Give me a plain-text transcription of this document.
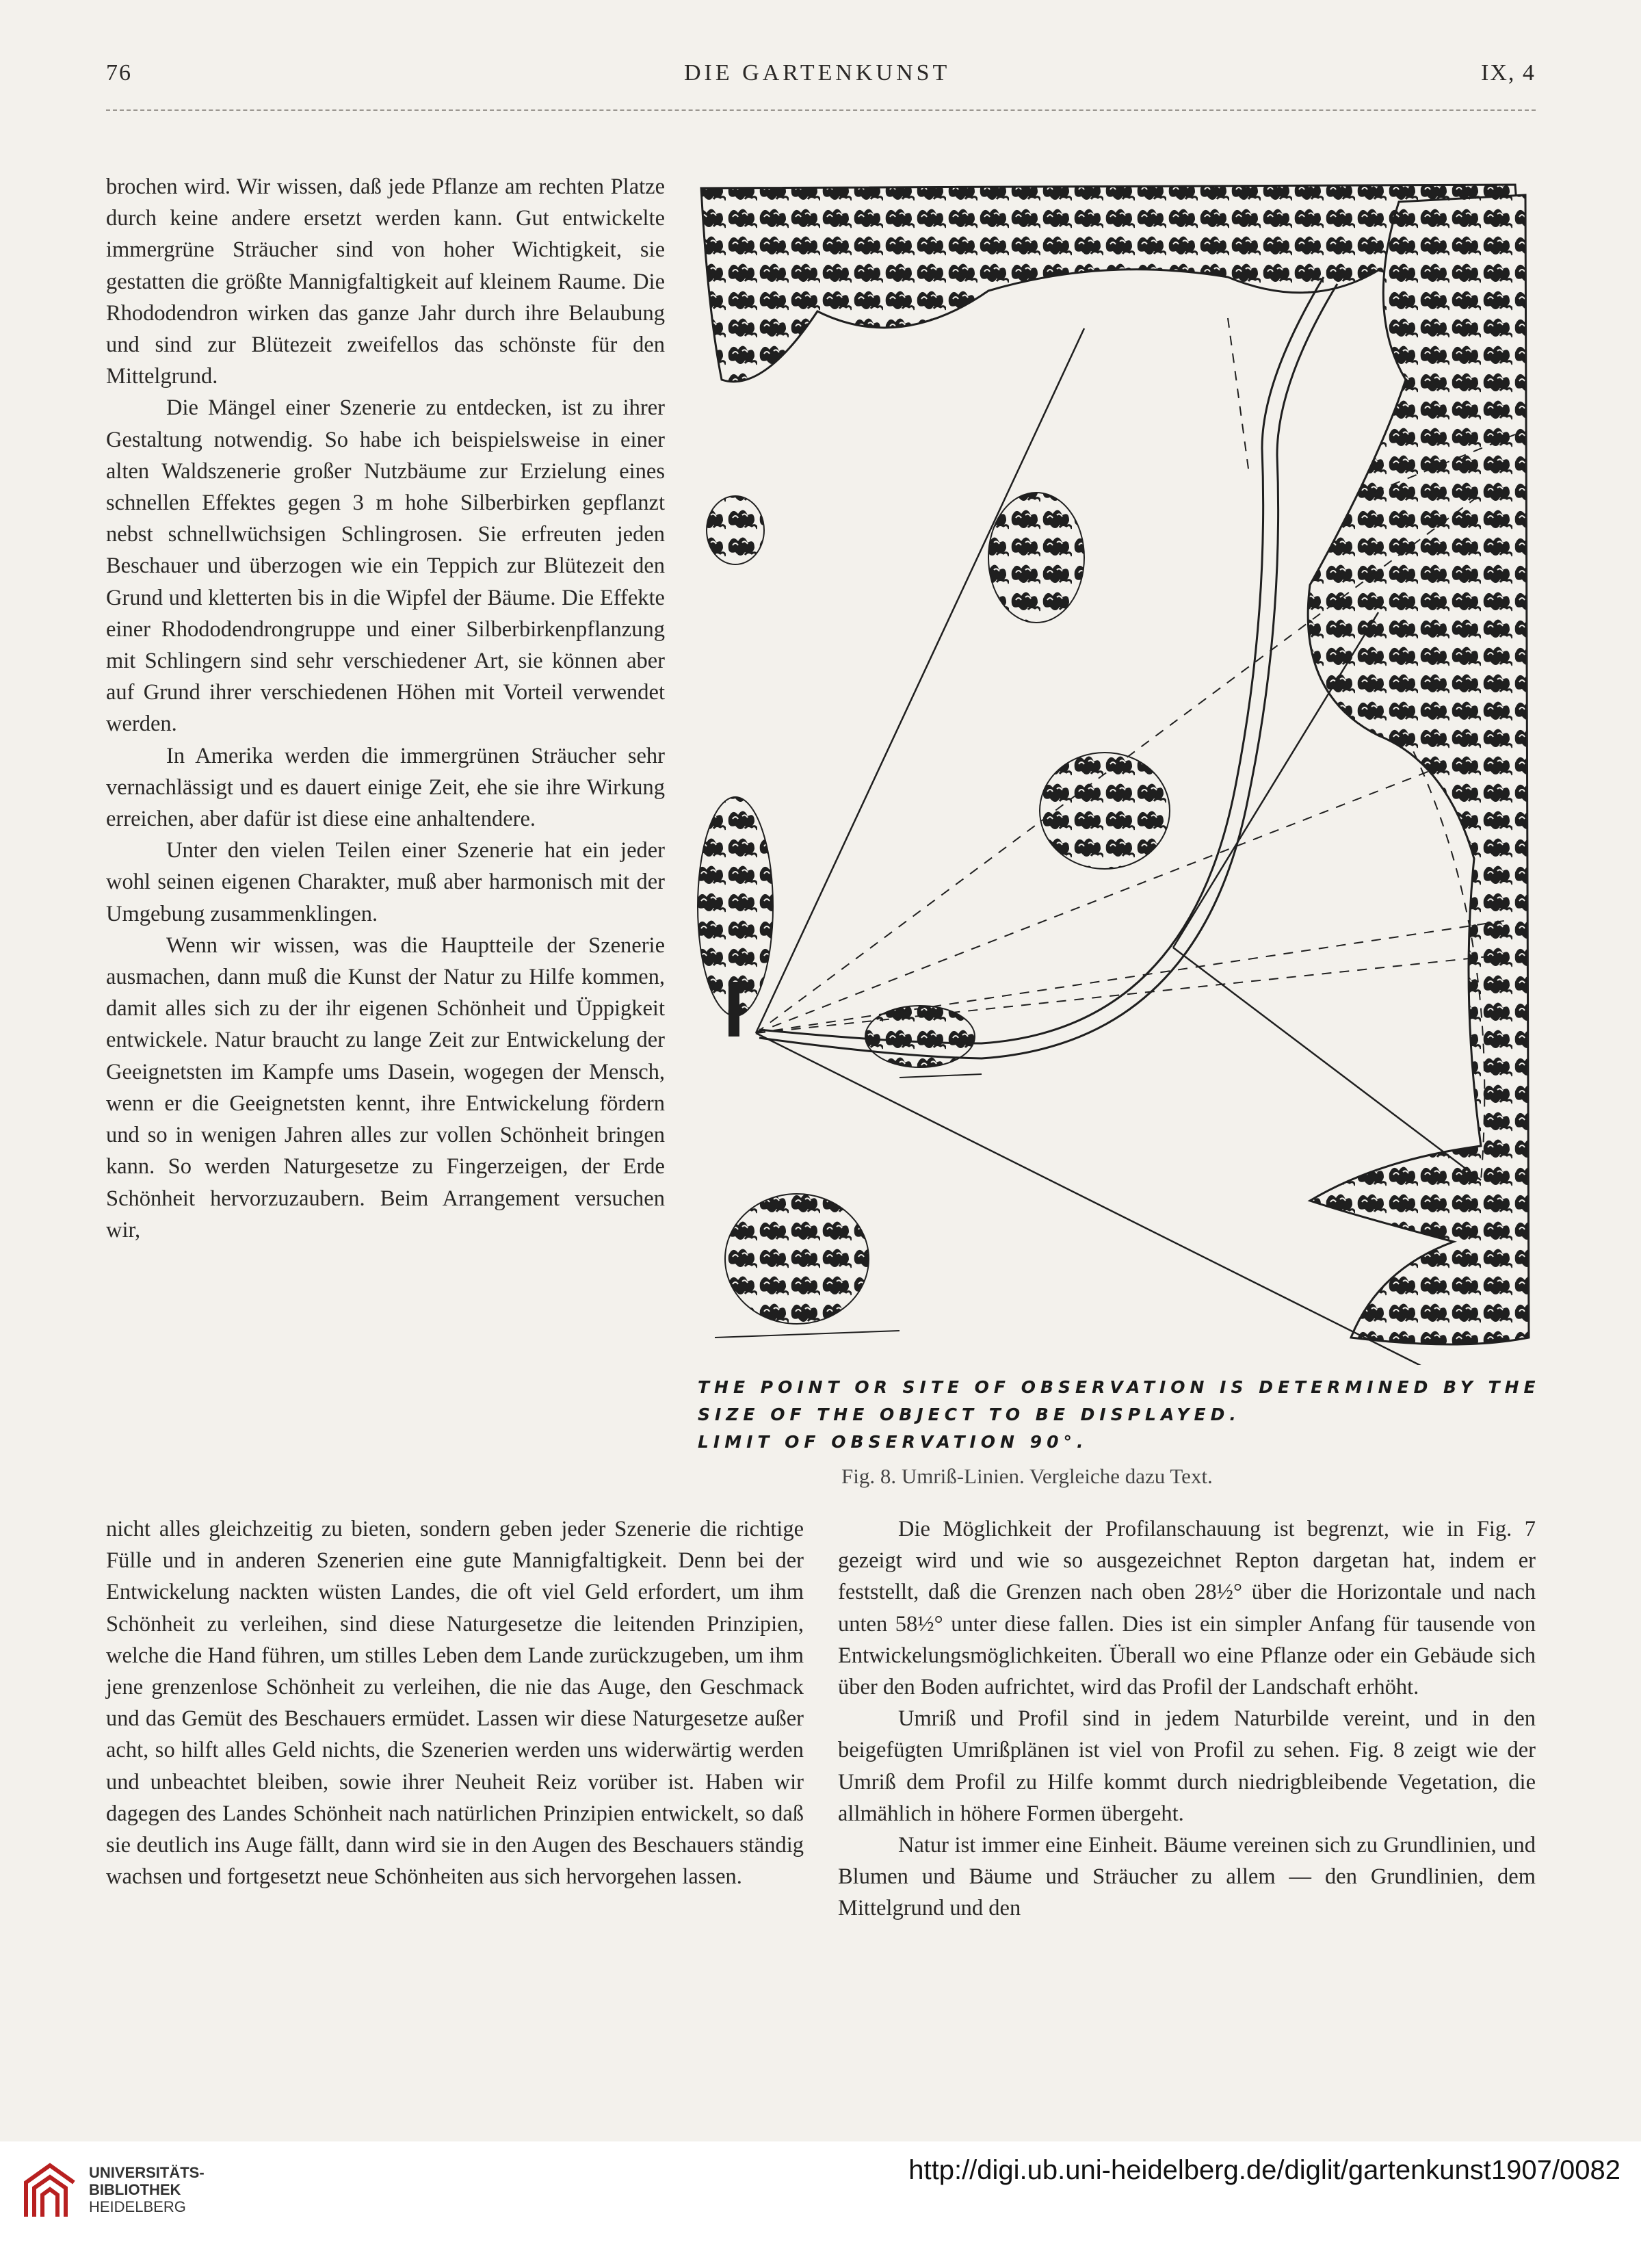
76	DIE GARTENKUNST	IX, 4

brochen wird. Wir wissen, daß jede Pflanze am rechten Platze durch keine andere ersetzt werden kann. Gut entwickelte immergrüne Sträucher sind von hoher Wichtigkeit, sie gestatten die größte Mannigfaltigkeit auf kleinem Raume. Die Rhododendron wirken das ganze Jahr durch ihre Belaubung und sind zur Blütezeit zweifellos das schönste für den Mittelgrund.

Die Mängel einer Szenerie zu entdecken, ist zu ihrer Gestaltung notwendig. So habe ich beispielsweise in einer alten Waldszenerie großer Nutzbäume zur Erzielung eines schnellen Effektes gegen 3 m hohe Silberbirken gepflanzt nebst schnellwüchsigen Schlingrosen. Sie erfreuten jeden Beschauer und überzogen wie ein Teppich zur Blütezeit den Grund und kletterten bis in die Wipfel der Bäume. Die Effekte einer Rhododendrongruppe und einer Silberbirkenpflanzung mit Schlingern sind sehr verschiedener Art, sie können aber auf Grund ihrer verschiedenen Höhen mit Vorteil verwendet werden.

In Amerika werden die immergrünen Sträucher sehr vernachlässigt und es dauert einige Zeit, ehe sie ihre Wirkung erreichen, aber dafür ist diese eine anhaltendere.

Unter den vielen Teilen einer Szenerie hat ein jeder wohl seinen eigenen Charakter, muß aber harmonisch mit der Umgebung zusammenklingen.

Wenn wir wissen, was die Hauptteile der Szenerie ausmachen, dann muß die Kunst der Natur zu Hilfe kommen, damit alles sich zu der ihr eigenen Schönheit und Üppigkeit entwickele. Natur braucht zu lange Zeit zur Entwickelung der Geeignetsten im Kampfe ums Dasein, wogegen der Mensch, wenn er die Geeignetsten kennt, ihre Entwickelung fördern und so in wenigen Jahren alles zur vollen Schönheit bringen kann. So werden Naturgesetze zu Fingerzeigen, der Erde Schönheit hervorzuzaubern. Beim Arrangement versuchen wir,

nicht alles gleichzeitig zu bieten, sondern geben jeder Szenerie die richtige Fülle und in anderen Szenerien eine gute Mannigfaltigkeit. Denn bei der Entwickelung nackten wüsten Landes, die oft viel Geld erfordert, um ihm Schönheit zu verleihen, sind diese Naturgesetze die leitenden Prinzipien, welche die Hand führen, um stilles Leben dem Lande zurückzugeben, um ihm jene grenzenlose Schönheit zu verleihen, die nie das Auge, den Geschmack und das Gemüt des Beschauers ermüdet. Lassen wir diese Naturgesetze außer acht, so hilft alles Geld nichts, die Szenerien werden uns widerwärtig werden und unbeachtet bleiben, sowie ihrer Neuheit Reiz vorüber ist. Haben wir dagegen des Landes Schönheit nach natürlichen Prinzipien entwickelt, so daß sie deutlich ins Auge fällt, dann wird sie in den Augen des Beschauers ständig wachsen und fortgesetzt neue Schönheiten aus sich hervorgehen lassen.

Die Möglichkeit der Profilanschauung ist begrenzt, wie in Fig. 7 gezeigt wird und wie so ausgezeichnet Repton dargetan hat, indem er feststellt, daß die Grenzen nach oben 28½° über die Horizontale und nach unten 58½° unter diese fallen. Dies ist ein simpler Anfang für tausende von Entwickelungsmöglichkeiten. Überall wo eine Pflanze oder ein Gebäude sich über den Boden aufrichtet, wird das Profil der Landschaft erhöht.

Umriß und Profil sind in jedem Naturbilde vereint, und in den beigefügten Umrißplänen ist viel von Profil zu sehen. Fig. 8 zeigt wie der Umriß dem Profil zu Hilfe kommt durch niedrigbleibende Vegetation, die allmählich in höhere Formen übergeht.

Natur ist immer eine Einheit. Bäume vereinen sich zu Grundlinien, und Blumen und Bäume und Sträucher zu allem — den Grundlinien, dem Mittelgrund und den

THE POINT OR SITE OF OBSERVATION IS DETERMINED BY THE
SIZE OF THE OBJECT TO BE DISPLAYED.
LIMIT OF OBSERVATION 90°.
Fig. 8. Umriß-Linien. Vergleiche dazu Text.
UNIVERSITÄTS-
BIBLIOTHEK
HEIDELBERG
http://digi.ub.uni-heidelberg.de/diglit/gartenkunst1907/0082
